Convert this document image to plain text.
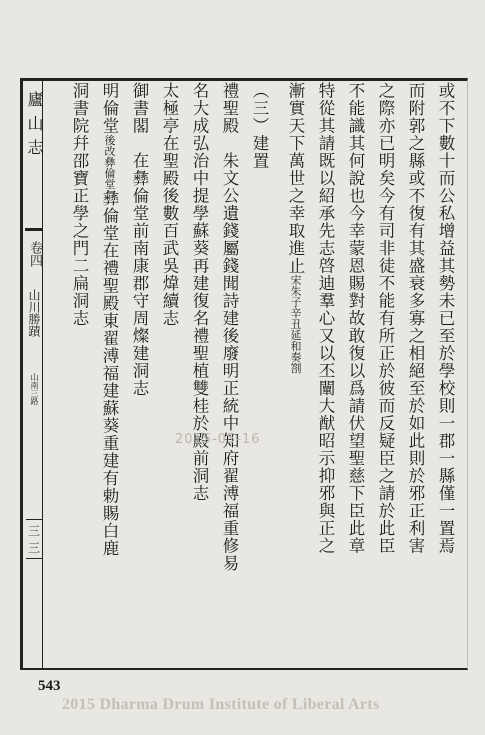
廬山志
卷四
山川勝蹟
山南三路
三三	或不下數十而公私增益其勢未已至於學校則一郡一縣僅一置焉
而附郭之縣或不復有其盛衰多寡之相絕至於如此則於邪正利害
之際亦已明矣今有司非徒不能有所正於彼而反疑臣之請於此臣
不能識其何說也今幸蒙恩賜對故敢復以爲請伏望聖慈下臣此章
特從其請既以紹承先志啓迪羣心又以丕闡大猷昭示抑邪與正之
漸實天下萬世之幸取進止宋朱子辛丑延和奏劄
（三）建置
禮聖殿　朱文公遺錢屬錢聞詩建後廢明正統中知府翟溥福重修易
名大成弘治中提學蘇葵再建復名禮聖植雙桂於殿前洞志
太極亭在聖殿後數百武吳煒續志
御書閣　在彝倫堂前南康郡守周燦建洞志
明倫堂後改彝倫堂彝倫堂在禮聖殿東翟溥福建蘇葵重建有勅賜白鹿
洞書院幷邵寶正學之門二扁洞志
2015-05-16
543
2015 Dharma Drum Institute of Liberal Arts
